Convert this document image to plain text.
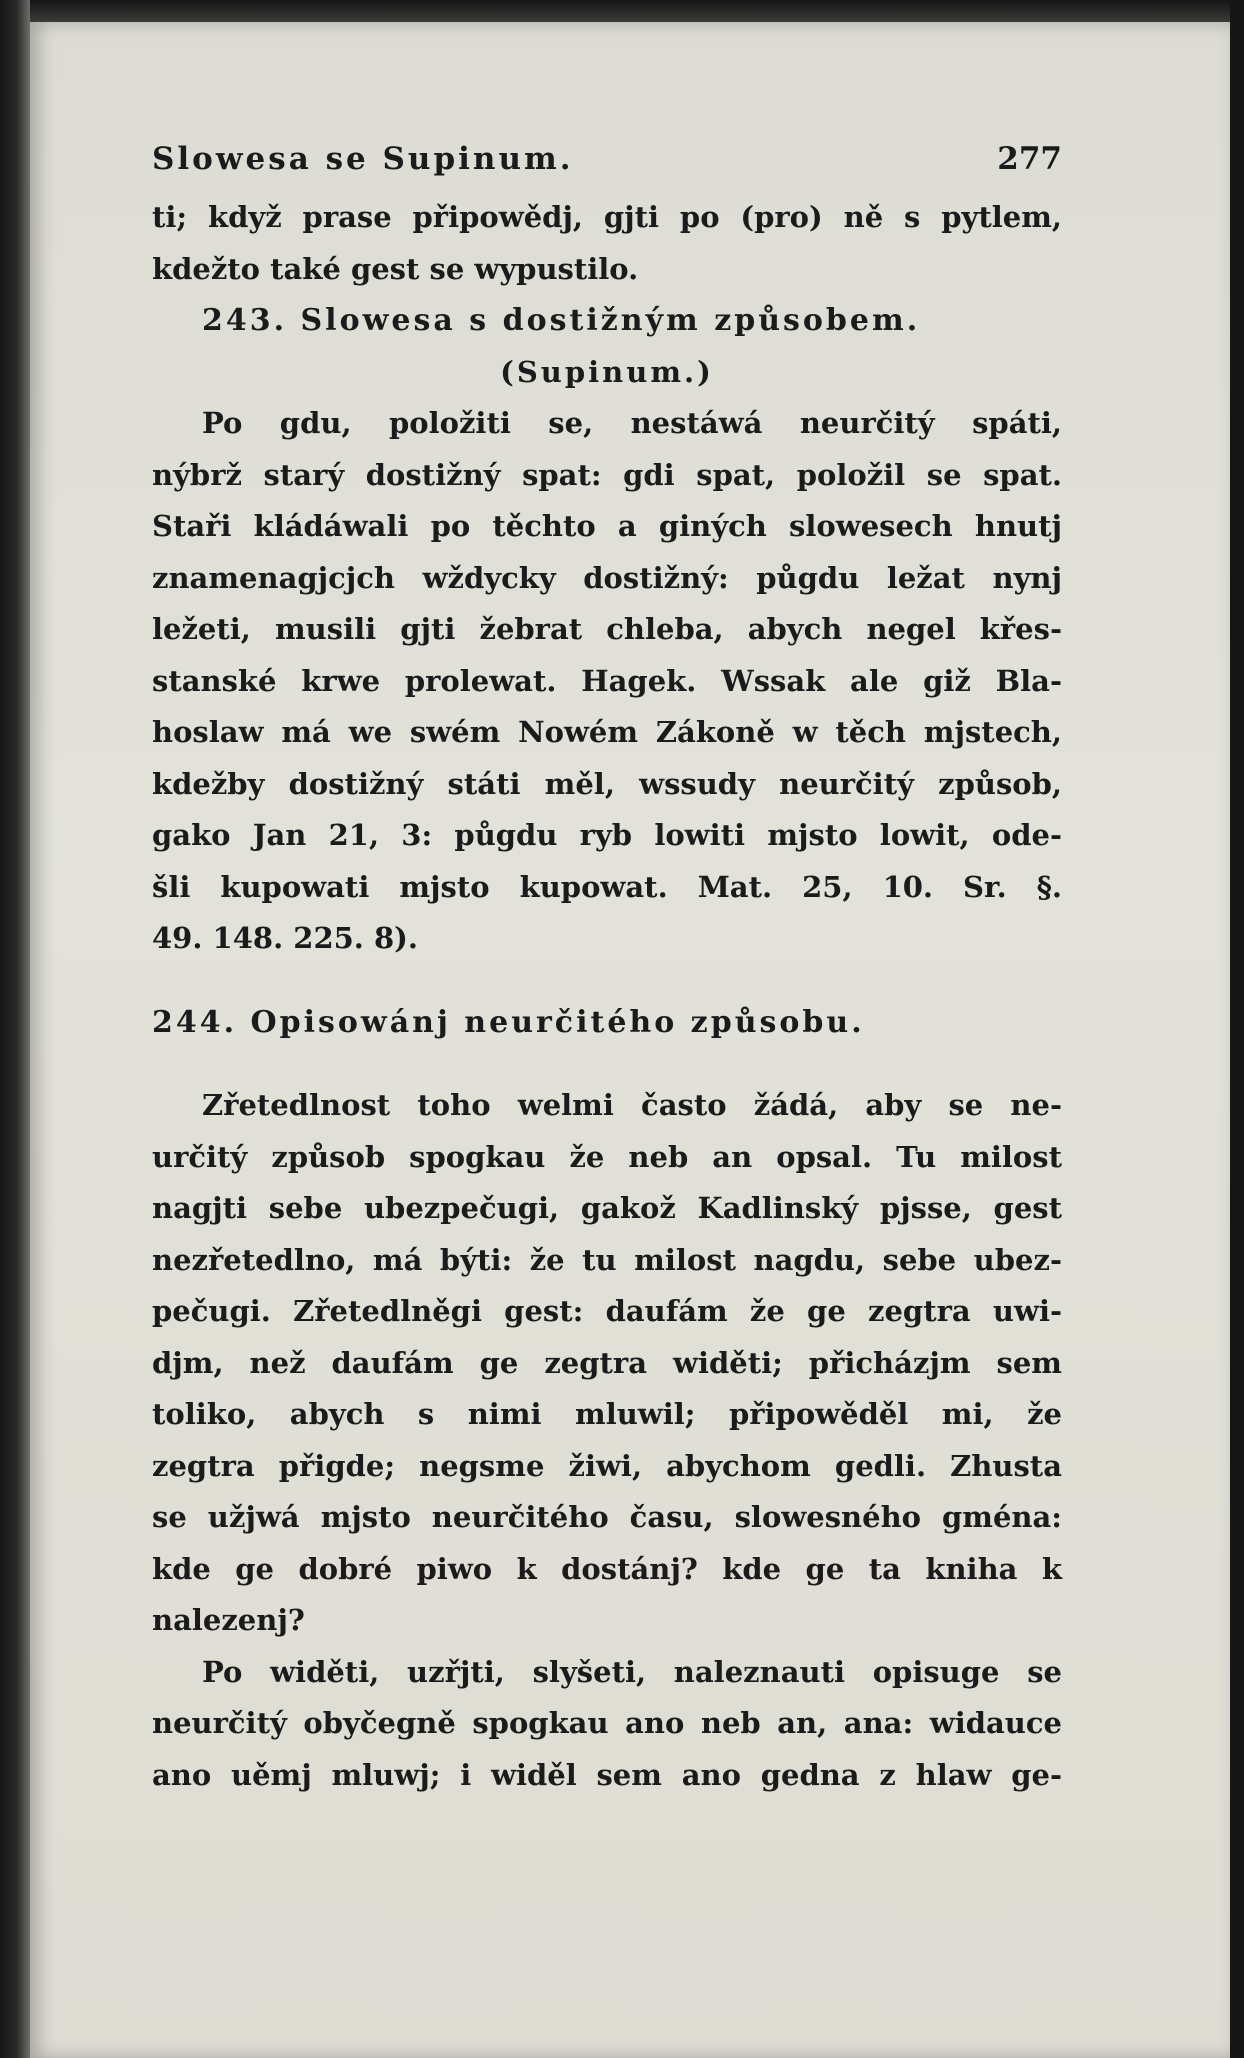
Slowesa se Supinum.	277
ti; když prase připowědj, gjti po (pro) ně s pytlem,
kdežto také gest se wypustilo.
243. Slowesa s dostižným způsobem.
(Supinum.)
Po gdu, položiti se, nestáwá neurčitý spáti,
nýbrž starý dostižný spat: gdi spat, položil se spat.
Staři kládáwali po těchto a giných slowesech hnutj
znamenagjcjch wždycky dostižný: půgdu ležat nynj
ležeti, musili gjti žebrat chleba, abych negel křes-
stanské krwe prolewat. Hagek. Wssak ale giž Bla-
hoslaw má we swém Nowém Zákoně w těch mjstech,
kdežby dostižný státi měl, wssudy neurčitý způsob,
gako Jan 21, 3: půgdu ryb lowiti mjsto lowit, ode-
šli kupowati mjsto kupowat. Mat. 25, 10. Sr. §.
49. 148. 225. 8).
244. Opisowánj neurčitého způsobu.
Zřetedlnost toho welmi často žádá, aby se ne-
určitý způsob spogkau že neb an opsal. Tu milost
nagjti sebe ubezpečugi, gakož Kadlinský pjsse, gest
nezřetedlno, má býti: že tu milost nagdu, sebe ubez-
pečugi. Zřetedlněgi gest: daufám že ge zegtra uwi-
djm, než daufám ge zegtra widěti; přicházjm sem
toliko, abych s nimi mluwil; připowěděl mi, že
zegtra přigde; negsme žiwi, abychom gedli. Zhusta
se užjwá mjsto neurčitého času, slowesného gména:
kde ge dobré piwo k dostánj? kde ge ta kniha k
nalezenj?
Po widěti, uzřjti, slyšeti, naleznauti opisuge se
neurčitý obyčegně spogkau ano neb an, ana: widauce
ano uěmj mluwj; i widěl sem ano gedna z hlaw ge-
